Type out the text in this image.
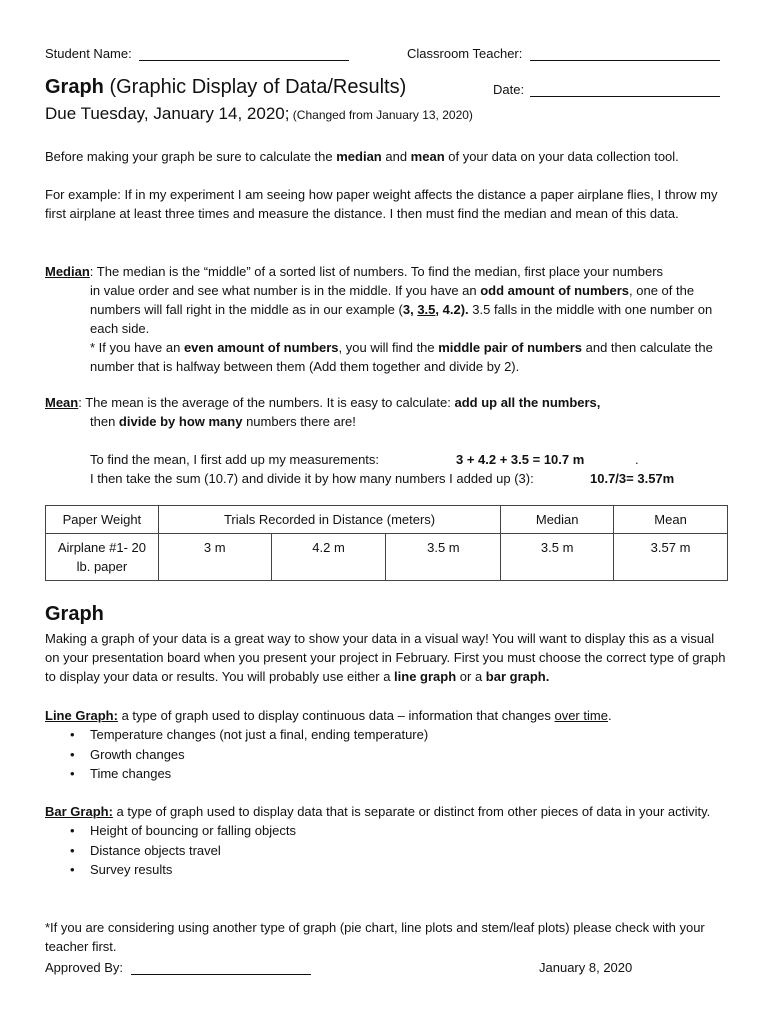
Student Name:	Classroom Teacher:
Graph (Graphic Display of Data/Results)	Date:
Due Tuesday, January 14, 2020; (Changed from January 13, 2020)

Before making your graph be sure to calculate the median and mean of your data on your data collection tool.

For example: If in my experiment I am seeing how paper weight affects the distance a paper airplane flies, I throw my first airplane at least three times and measure the distance. I then must find the median and mean of this data.

Median: The median is the “middle” of a sorted list of numbers. To find the median, first place your numbers

in value order and see what number is in the middle. If you have an odd amount of numbers, one of the numbers will fall right in the middle as in our example (3, 3.5, 4.2). 3.5 falls in the middle with one number on each side.

* If you have an even amount of numbers, you will find the middle pair of numbers and then calculate the number that is halfway between them (Add them together and divide by 2).

Mean: The mean is the average of the numbers. It is easy to calculate: add up all the numbers,

then divide by how many numbers there are!

To find the mean, I first add up my measurements:	3 + 4.2 + 3.5 = 10.7 m	.

I then take the sum (10.7) and divide it by how many numbers I added up (3):	10.7/3= 3.57m

Paper Weight	Trials Recorded in Distance (meters)			Median	Mean
Airplane #1- 20 lb. paper	3 m	4.2 m	3.5 m	3.5 m	3.57 m
Graph

Making a graph of your data is a great way to show your data in a visual way! You will want to display this as a visual on your presentation board when you present your project in February. First you must choose the correct type of graph to display your data or results. You will probably use either a line graph or a bar graph.

Line Graph: a type of graph used to display continuous data – information that changes over time.

• Temperature changes (not just a final, ending temperature)
• Growth changes
• Time changes

Bar Graph: a type of graph used to display data that is separate or distinct from other pieces of data in your activity.

• Height of bouncing or falling objects
• Distance objects travel
• Survey results

*If you are considering using another type of graph (pie chart, line plots and stem/leaf plots) please check with your teacher first.

Approved By:	January 8, 2020
